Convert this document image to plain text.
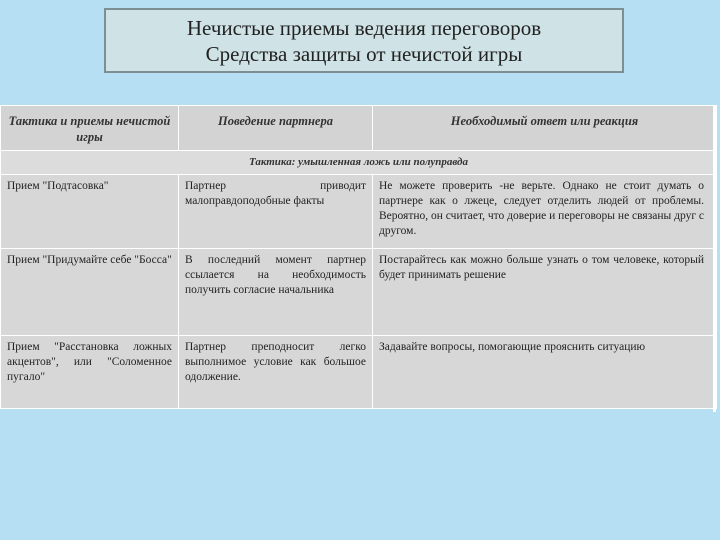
Нечистые приемы ведения переговоров
Средства защиты от нечистой игры
Тактика и приемы нечистой игры	Поведение партнера	Необходимый ответ или реакция
Тактика: умышленная ложь или полуправда		
Прием "Подтасовка"	Партнер приводит малоправдоподобные факты	Не можете проверить -не верьте. Однако не стоит думать о партнере как о лжеце, следует отделить людей от проблемы. Вероятно, он считает, что доверие и переговоры не связаны друг с другом.
Прием "Придумайте себе "Босса"	В последний момент партнер ссылается на необходимость получить согласие начальника	Постарайтесь как можно больше узнать о том человеке, который будет принимать решение
Прием "Расстановка ложных акцентов", или "Соломенное пугало"	Партнер преподносит легко выполнимое условие как большое одолжение.	Задавайте вопросы, помогающие прояснить ситуацию
